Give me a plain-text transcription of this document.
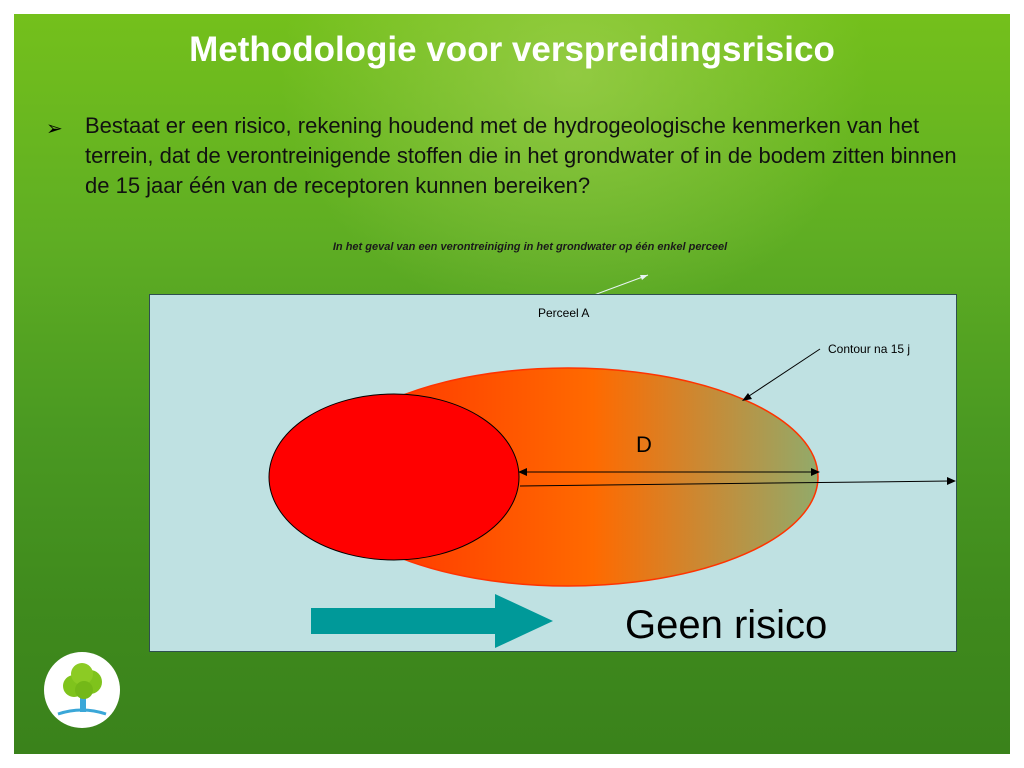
Methodologie voor verspreidingsrisico
➢ Bestaat er een risico, rekening houdend met de hydrogeologische kenmerken van het terrein, dat de verontreinigende stoffen die in het grondwater of in de bodem zitten binnen de 15 jaar één van de receptoren kunnen bereiken?
In het geval van een verontreiniging in het grondwater op één enkel perceel
Perceel A
Contour na 15 j
D
Geen risico
